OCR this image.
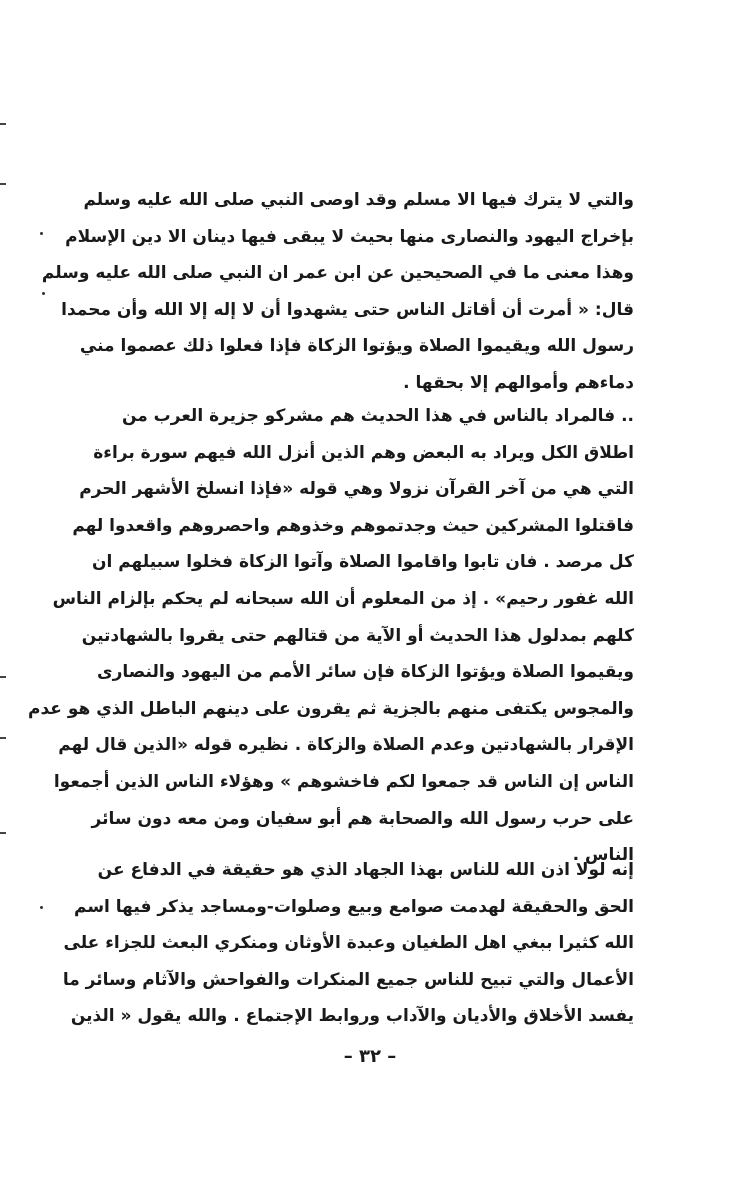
والتي لا يترك فيها الا مسلم وقد اوصى النبي صلى الله عليه وسلم
بإخراج اليهود والنصارى منها بحيث لا يبقى فيها دينان الا دين الإسلام
وهذا معنى ما في الصحيحين عن ابن عمر ان النبي صلى الله عليه وسلم
قال: « أمرت أن أقاتل الناس حتى يشهدوا أن لا إله إلا الله وأن محمدا
رسول الله ويقيموا الصلاة ويؤتوا الزكاة فإذا فعلوا ذلك عصموا مني
دماءهم وأموالهم إلا بحقها .
.. فالمراد بالناس في هذا الحديث هم مشركو جزيرة العرب من
اطلاق الكل ويراد به البعض وهم الذين أنزل الله فيهم سورة براءة
التي هي من آخر القرآن نزولا وهي قوله «فإذا انسلخ الأشهر الحرم
فاقتلوا المشركين حيث وجدتموهم وخذوهم واحصروهم واقعدوا لهم
كل مرصد . فان تابوا واقاموا الصلاة وآتوا الزكاة فخلوا سبيلهم ان
الله غفور رحيم» . إذ من المعلوم أن الله سبحانه لم يحكم بإلزام الناس
كلهم بمدلول هذا الحديث أو الآية من قتالهم حتى يقروا بالشهادتين
ويقيموا الصلاة ويؤتوا الزكاة فإن سائر الأمم من اليهود والنصارى
والمجوس يكتفى منهم بالجزية ثم يقرون على دينهم الباطل الذي هو عدم
الإقرار بالشهادتين وعدم الصلاة والزكاة . نظيره قوله «الذين قال لهم
الناس إن الناس قد جمعوا لكم فاخشوهم » وهؤلاء الناس الذين أجمعوا
على حرب رسول الله والصحابة هم أبو سفيان ومن معه دون سائر
الناس .
إنه لولا اذن الله للناس بهذا الجهاد الذي هو حقيقة في الدفاع عن
الحق والحقيقة لهدمت صوامع وبيع وصلوات-ومساجد يذكر فيها اسم
الله كثيرا ببغي اهل الطغيان وعبدة الأوثان ومنكري البعث للجزاء على
الأعمال والتي تبيح للناس جميع المنكرات والفواحش والآثام وسائر ما
يفسد الأخلاق والأديان والآداب وروابط الإجتماع . والله يقول « الذين
– ٣٢ –
